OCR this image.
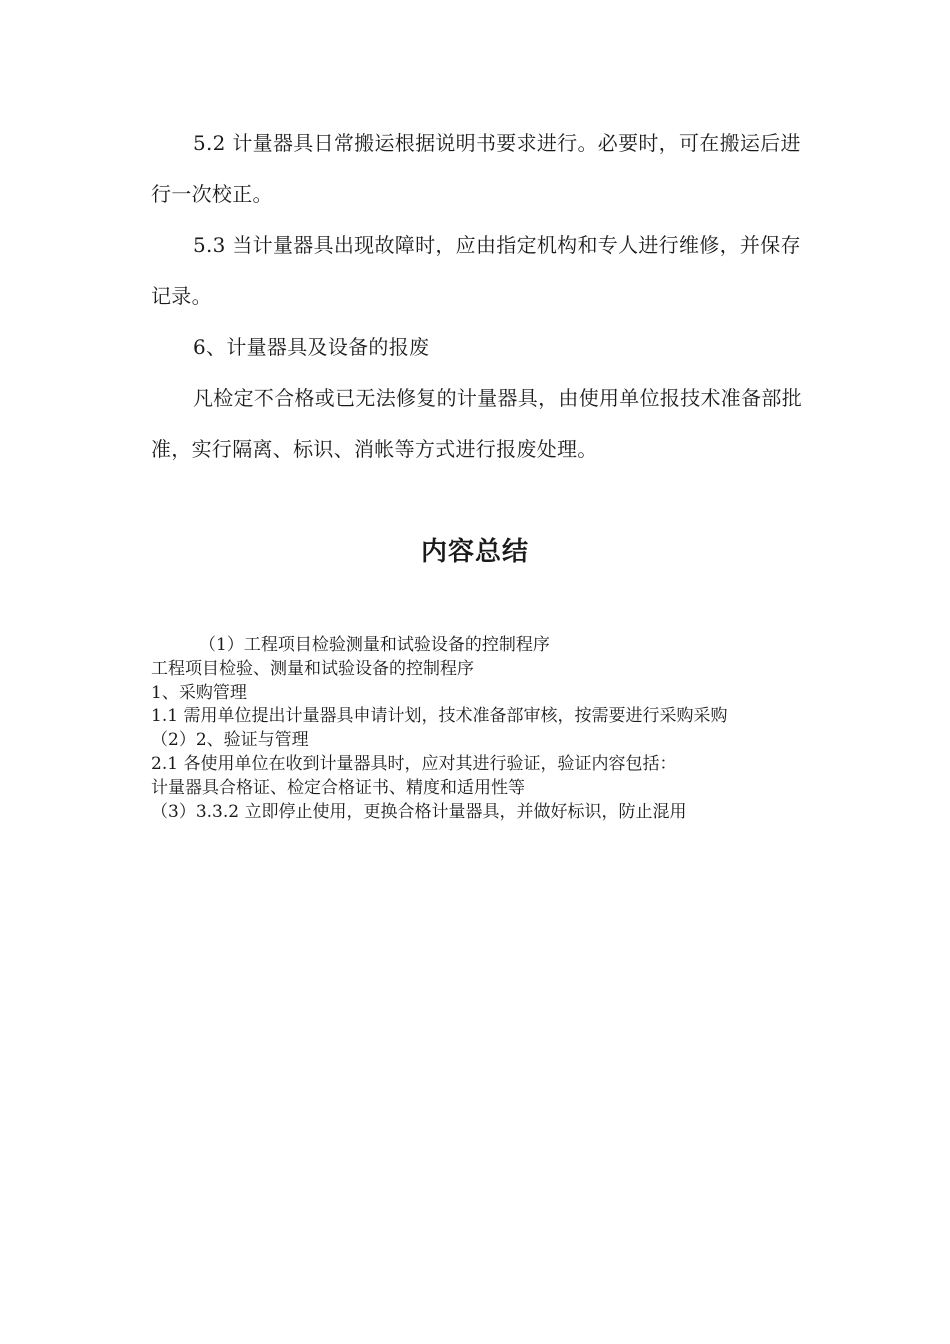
5.2 计量器具日常搬运根据说明书要求进行。必要时，可在搬运后进行一次校正。

5.3 当计量器具出现故障时，应由指定机构和专人进行维修，并保存记录。

6、计量器具及设备的报废

凡检定不合格或已无法修复的计量器具，由使用单位报技术准备部批准，实行隔离、标识、消帐等方式进行报废处理。

内容总结

（1）工程项目检验测量和试验设备的控制程序

工程项目检验、测量和试验设备的控制程序

1、采购管理

1.1 需用单位提出计量器具申请计划，技术准备部审核，按需要进行采购采购

（2）2、验证与管理

2.1 各使用单位在收到计量器具时，应对其进行验证，验证内容包括：

计量器具合格证、检定合格证书、精度和适用性等

（3）3.3.2 立即停止使用，更换合格计量器具，并做好标识，防止混用
